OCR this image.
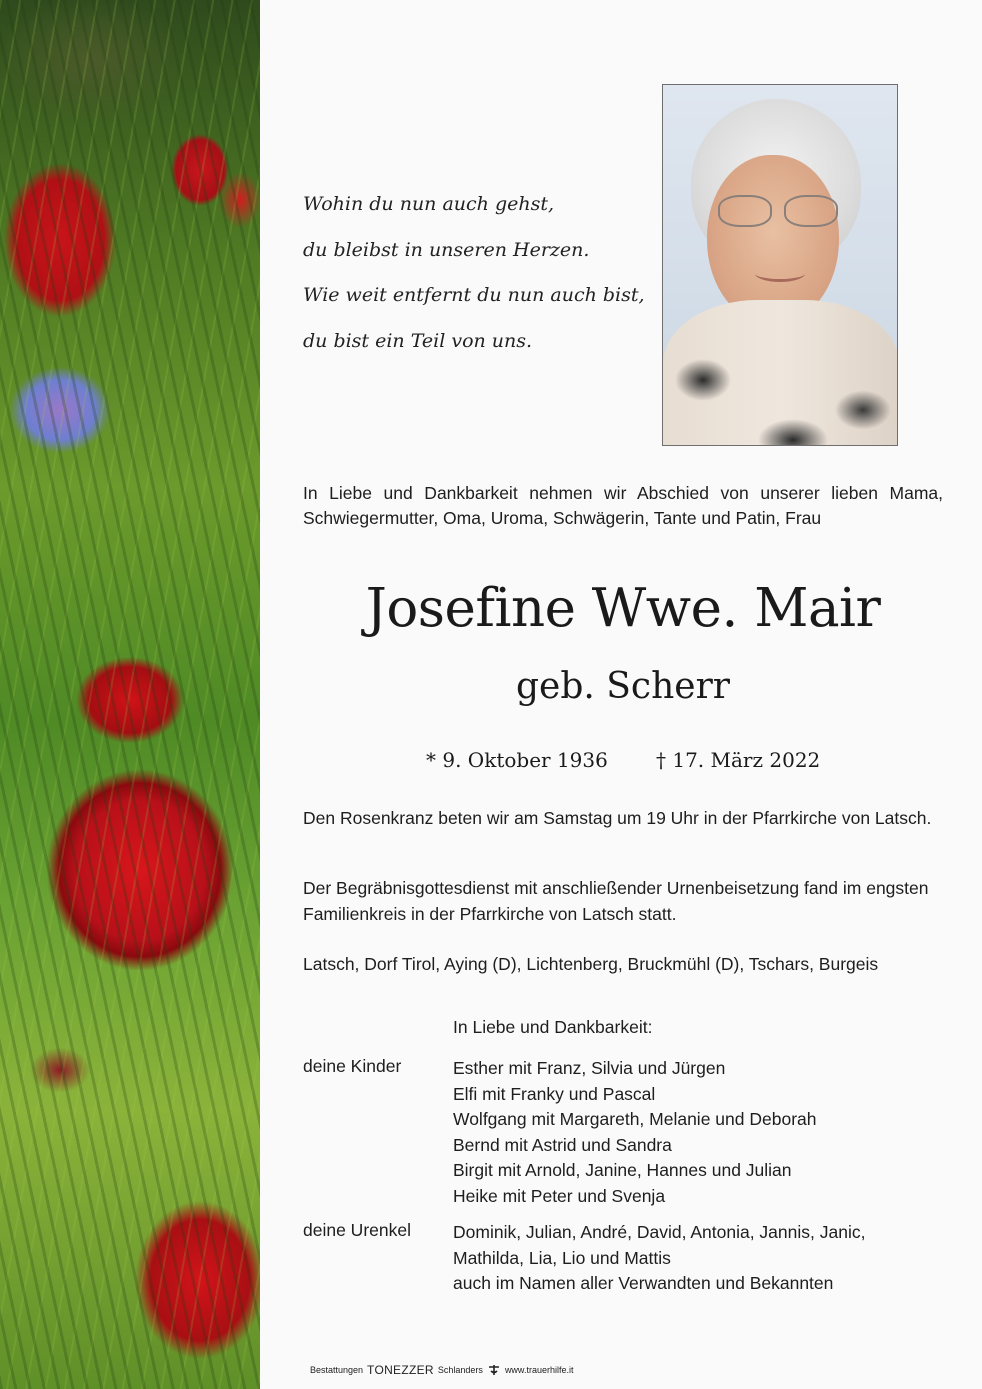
Wohin du nun auch gehst,
du bleibst in unseren Herzen.
Wie weit entfernt du nun auch bist,
du bist ein Teil von uns.
In Liebe und Dankbarkeit nehmen wir Abschied von unserer lieben Mama, Schwiegermutter, Oma, Uroma, Schwägerin, Tante und Patin, Frau
Josefine Wwe. Mair
geb. Scherr
* 9. Oktober 1936 † 17. März 2022
Den Rosenkranz beten wir am Samstag um 19 Uhr in der Pfarrkirche von Latsch.
Der Begräbnisgottesdienst mit anschließender Urnenbeisetzung fand im engsten Familienkreis in der Pfarrkirche von Latsch statt.
Latsch, Dorf Tirol, Aying (D), Lichtenberg, Bruckmühl (D), Tschars, Burgeis
In Liebe und Dankbarkeit:
deine Kinder	Esther mit Franz, Silvia und Jürgen
Elfi mit Franky und Pascal
Wolfgang mit Margareth, Melanie und Deborah
Bernd mit Astrid und Sandra
Birgit mit Arnold, Janine, Hannes und Julian
Heike mit Peter und Svenja
deine Urenkel Dominik, Julian, André, David, Antonia, Jannis, Janic,
Mathilda, Lia, Lio und Mattis
auch im Namen aller Verwandten und Bekannten
Bestattungen TONEZZER Schlanders www.trauerhilfe.it
